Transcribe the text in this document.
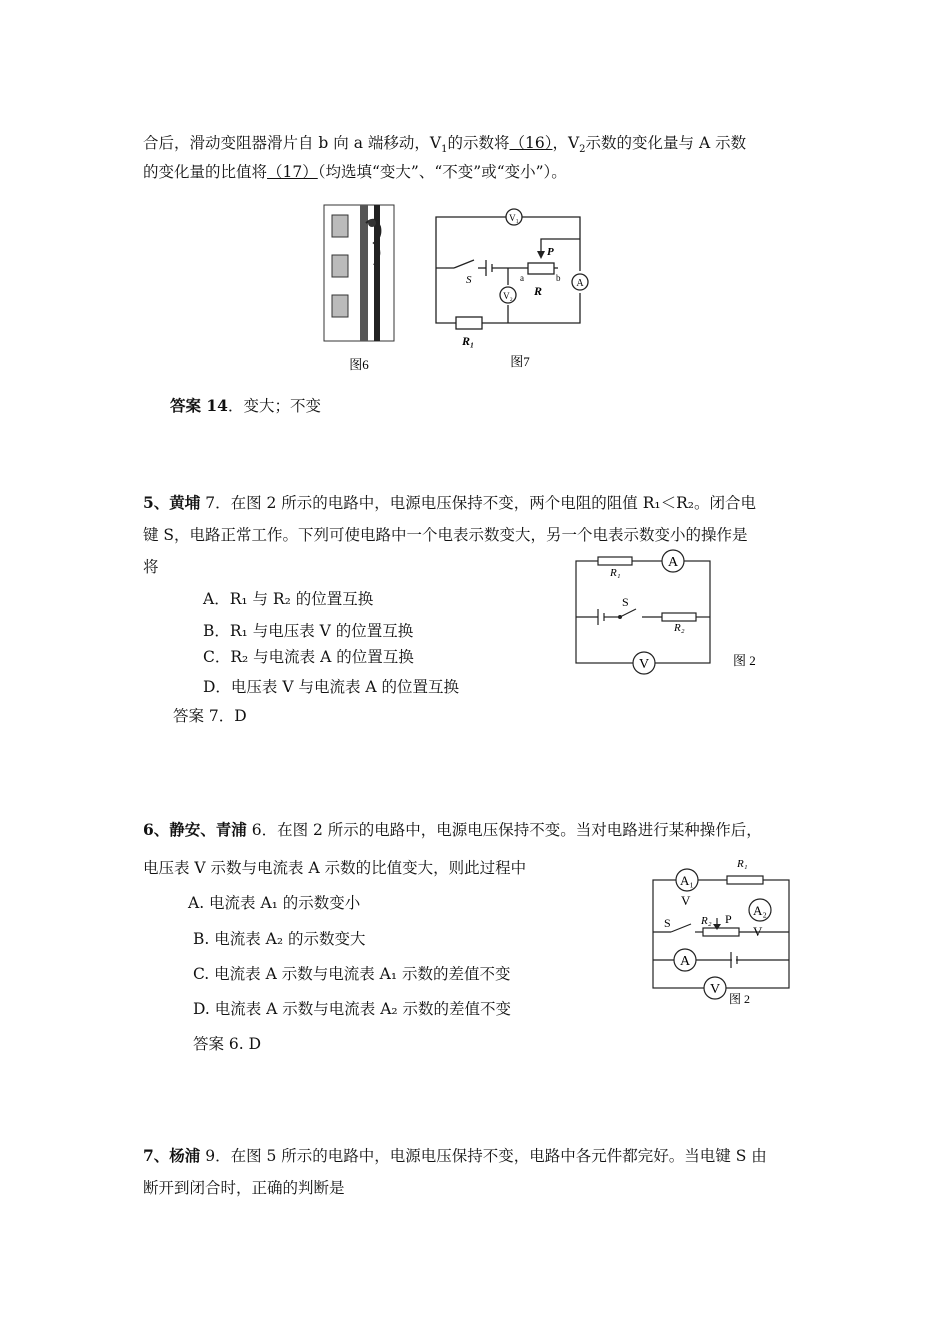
合后，滑动变阻器滑片自 b 向 a 端移动，$V_1$的示数将（16），$V_2$示数的变化量与 A 示数
的变化量的比值将（17）（均选填“变大”、“不变”或“变小”）。
图6
V₁
V₂
A
P
S
R
R₁
a	b
图7
答案 14．变大；不变
5、黄埔 7．在图 2 所示的电路中，电源电压保持不变，两个电阻的阻值 R₁＜R₂。闭合电
键 S，电路正常工作。下列可使电路中一个电表示数变大，另一个电表示数变小的操作是
将
A．R₁ 与 R₂ 的位置互换
B．R₁ 与电压表 V 的位置互换
C．R₂ 与电流表 A 的位置互换
D．电压表 V 与电流表 A 的位置互换
答案 7．D
A
V
R₁
R₂
S
图 2
6、静安、青浦 6．在图 2 所示的电路中，电源电压保持不变。当对电路进行某种操作后，
电压表 V 示数与电流表 A 示数的比值变大，则此过程中
A. 电流表 A₁ 的示数变小
B. 电流表 A₂ 的示数变大
C. 电流表 A 示数与电流表 A₁ 示数的差值不变
D. 电流表 A 示数与电流表 A₂ 示数的差值不变
答案 6. D
A₁
A₂
A
V
V
V
R₁
R₂ P
S
图 2
7、杨浦 9．在图 5 所示的电路中，电源电压保持不变，电路中各元件都完好。当电键 S 由
断开到闭合时，正确的判断是
